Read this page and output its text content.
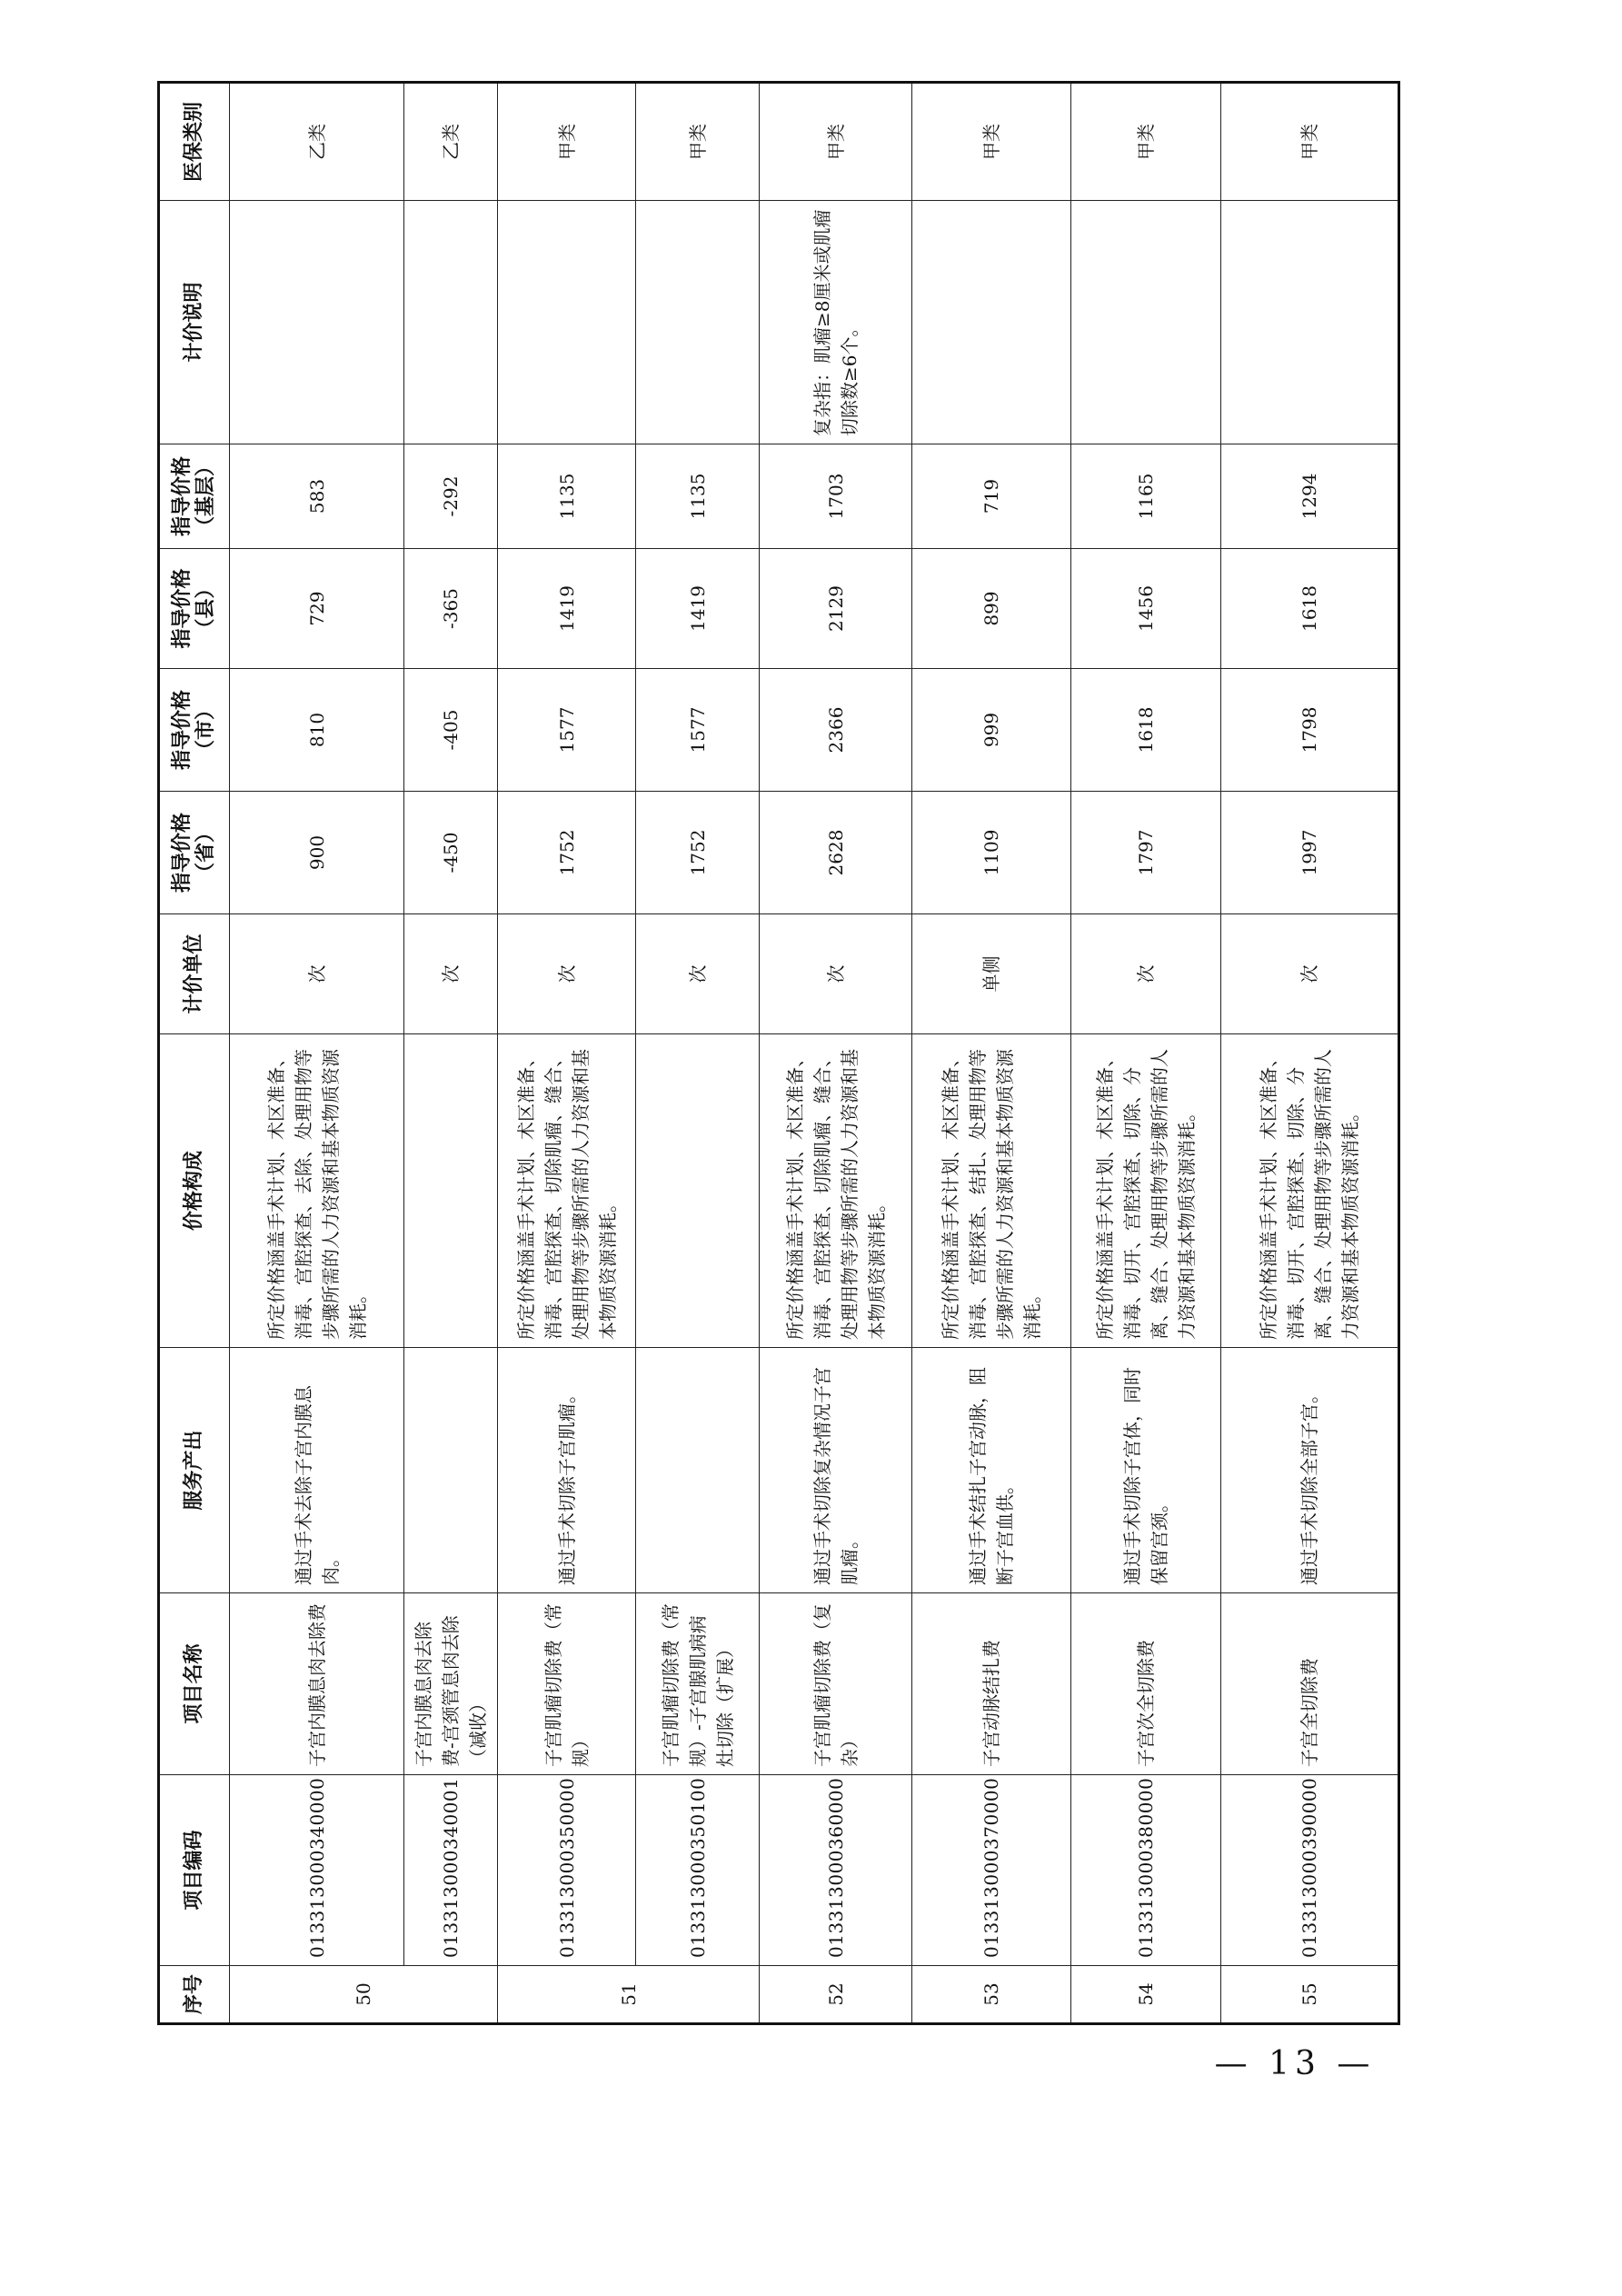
序号	项目编码	项目名称	服务产出	价格构成	计价单位	指导价格（省）	指导价格（市）	指导价格（县）	指导价格（基层）	计价说明	医保类别
50	013313000340000	子宫内膜息肉去除费	通过手术去除子宫内膜息肉。	所定价格涵盖手术计划、术区准备、消毒、宫腔探查、去除、处理用物等步骤所需的人力资源和基本物质资源消耗。	次	900	810	729	583		乙类
	013313000340001	子宫内膜息肉去除费-宫颈管息肉去除（减收）			次	-450	-405	-365	-292		乙类
51	013313000350000	子宫肌瘤切除费（常规）	通过手术切除子宫肌瘤。	所定价格涵盖手术计划、术区准备、消毒、宫腔探查、切除肌瘤、缝合、处理用物等步骤所需的人力资源和基本物质资源消耗。	次	1752	1577	1419	1135		甲类
	013313000350100	子宫肌瘤切除费（常规）-子宫腺肌病病灶切除（扩展）			次	1752	1577	1419	1135		甲类
52	013313000360000	子宫肌瘤切除费（复杂）	通过手术切除复杂情况子宫肌瘤。	所定价格涵盖手术计划、术区准备、消毒、宫腔探查、切除肌瘤、缝合、处理用物等步骤所需的人力资源和基本物质资源消耗。	次	2628	2366	2129	1703	复杂指：肌瘤≥8厘米或肌瘤切除数≥6个。	甲类
53	013313000370000	子宫动脉结扎费	通过手术结扎子宫动脉，阻断子宫血供。	所定价格涵盖手术计划、术区准备、消毒、宫腔探查、结扎、处理用物等步骤所需的人力资源和基本物质资源消耗。	单侧	1109	999	899	719		甲类
54	013313000380000	子宫次全切除费	通过手术切除子宫体，同时保留宫颈。	所定价格涵盖手术计划、术区准备、消毒、切开、宫腔探查、切除、分离、缝合、处理用物等步骤所需的人力资源和基本物质资源消耗。	次	1797	1618	1456	1165		甲类
55	013313000390000	子宫全切除费	通过手术切除全部子宫。	所定价格涵盖手术计划、术区准备、消毒、切开、宫腔探查、切除、分离、缝合、处理用物等步骤所需的人力资源和基本物质资源消耗。	次	1997	1798	1618	1294		甲类
— 13 —
